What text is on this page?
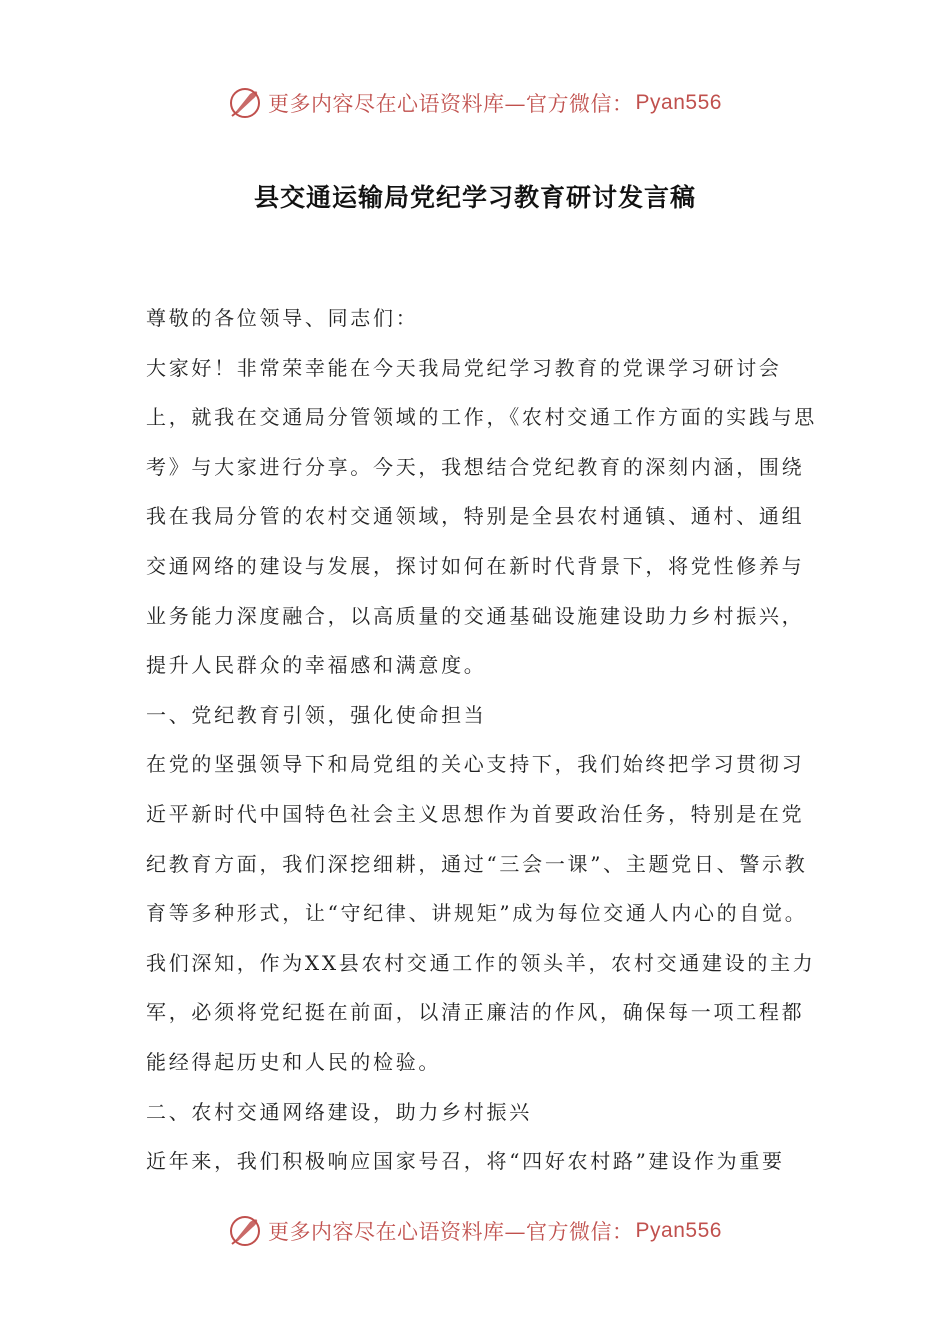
更多内容尽在心语资料库—官方微信： Pyan556
县交通运输局党纪学习教育研讨发言稿

尊敬的各位领导、同志们：

大家好！非常荣幸能在今天我局党纪学习教育的党课学习研讨会上，就我在交通局分管领域的工作，《农村交通工作方面的实践与思考》与大家进行分享。今天，我想结合党纪教育的深刻内涵，围绕我在我局分管的农村交通领域，特别是全县农村通镇、通村、通组交通网络的建设与发展，探讨如何在新时代背景下，将党性修养与业务能力深度融合，以高质量的交通基础设施建设助力乡村振兴，提升人民群众的幸福感和满意度。

一、党纪教育引领，强化使命担当

在党的坚强领导下和局党组的关心支持下，我们始终把学习贯彻习近平新时代中国特色社会主义思想作为首要政治任务，特别是在党纪教育方面，我们深挖细耕，通过“三会一课”、主题党日、警示教育等多种形式，让“守纪律、讲规矩”成为每位交通人内心的自觉。我们深知，作为XX县农村交通工作的领头羊，农村交通建设的主力军，必须将党纪挺在前面，以清正廉洁的作风，确保每一项工程都能经得起历史和人民的检验。

二、农村交通网络建设，助力乡村振兴

近年来，我们积极响应国家号召，将“四好农村路”建设作为重要

更多内容尽在心语资料库—官方微信： Pyan556
